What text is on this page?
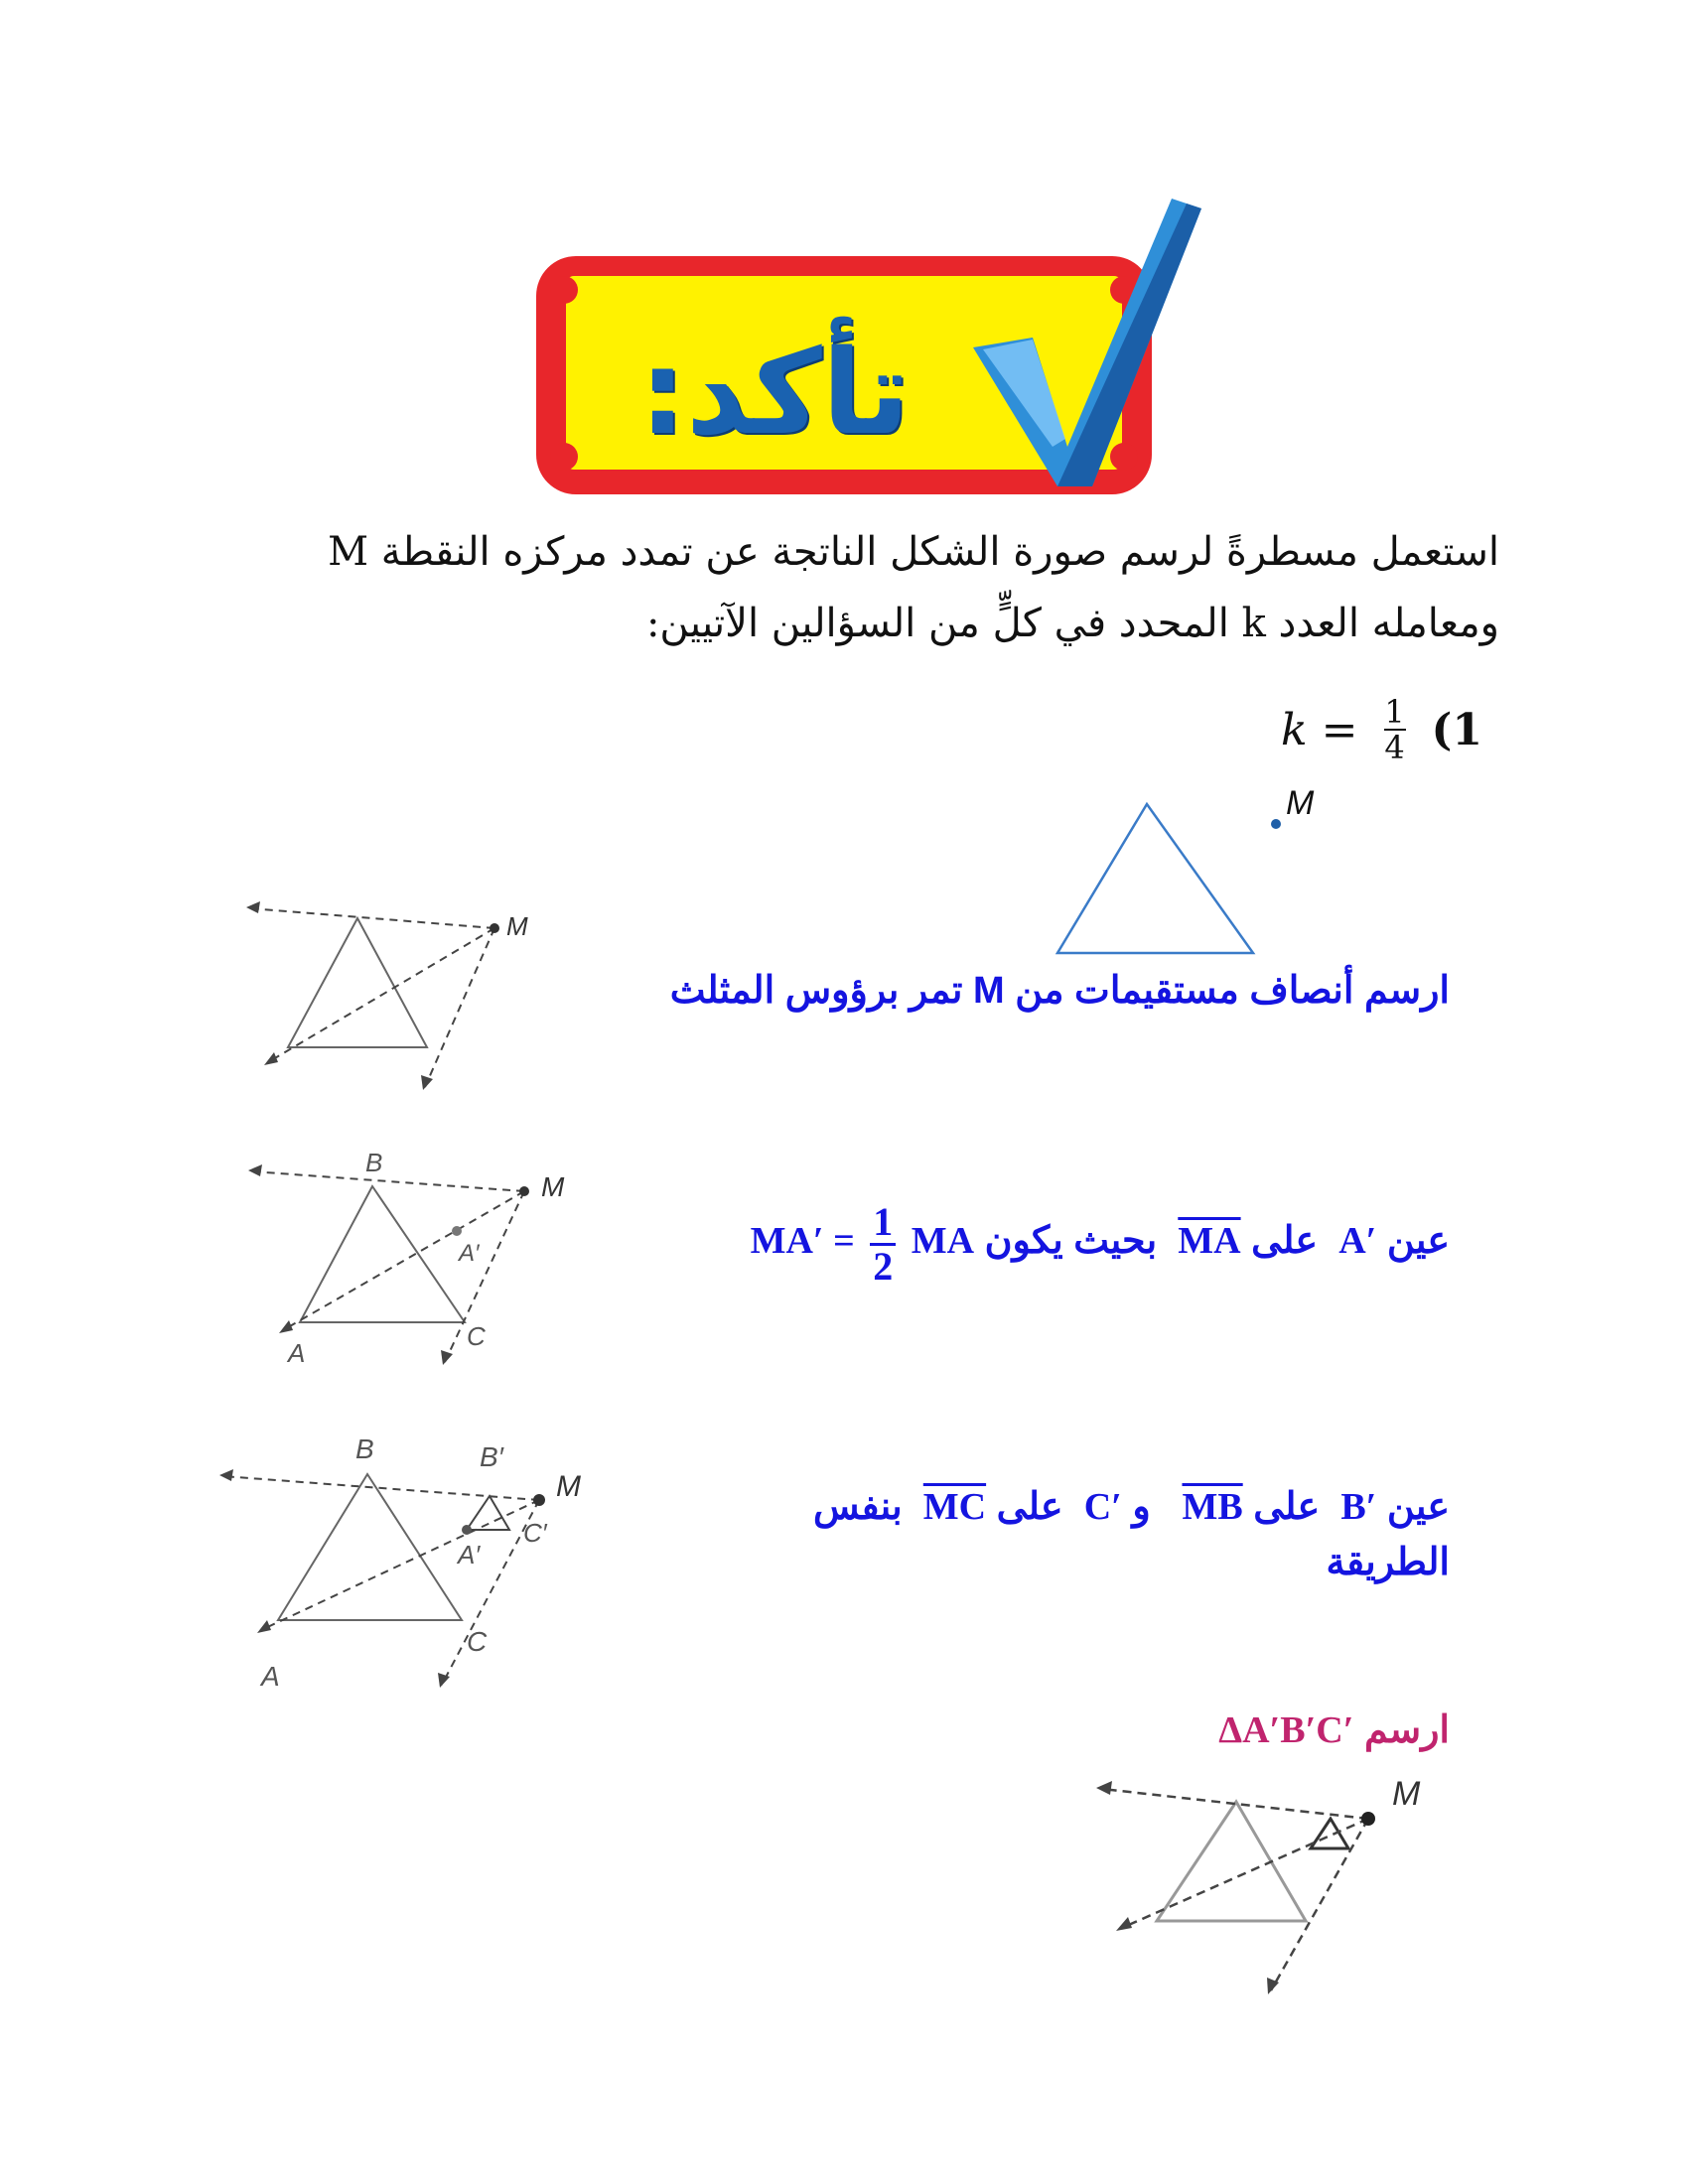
تأكد:

استعمل مسطرةً لرسم صورة الشكل الناتجة عن تمدد مركزه النقطة M

ومعامله العدد k المحدد في كلٍّ من السؤالين الآتيين:

$k = \frac{1}{4} (1$
M
ارسم أنصاف مستقيمات من M تمر برؤوس المثلث
M
عين A′  على $\overline{MA}$  بحيث يكون $MA' = \frac{1}{2}$ MA
B
M
A′
C
A
عين B′  على $\overline{MB}$   و C′  على $\overline{MC}$  بنفس الطريقة
B	B′
M
C′
A′
C
A
ارسم ΔA′B′C′
M
